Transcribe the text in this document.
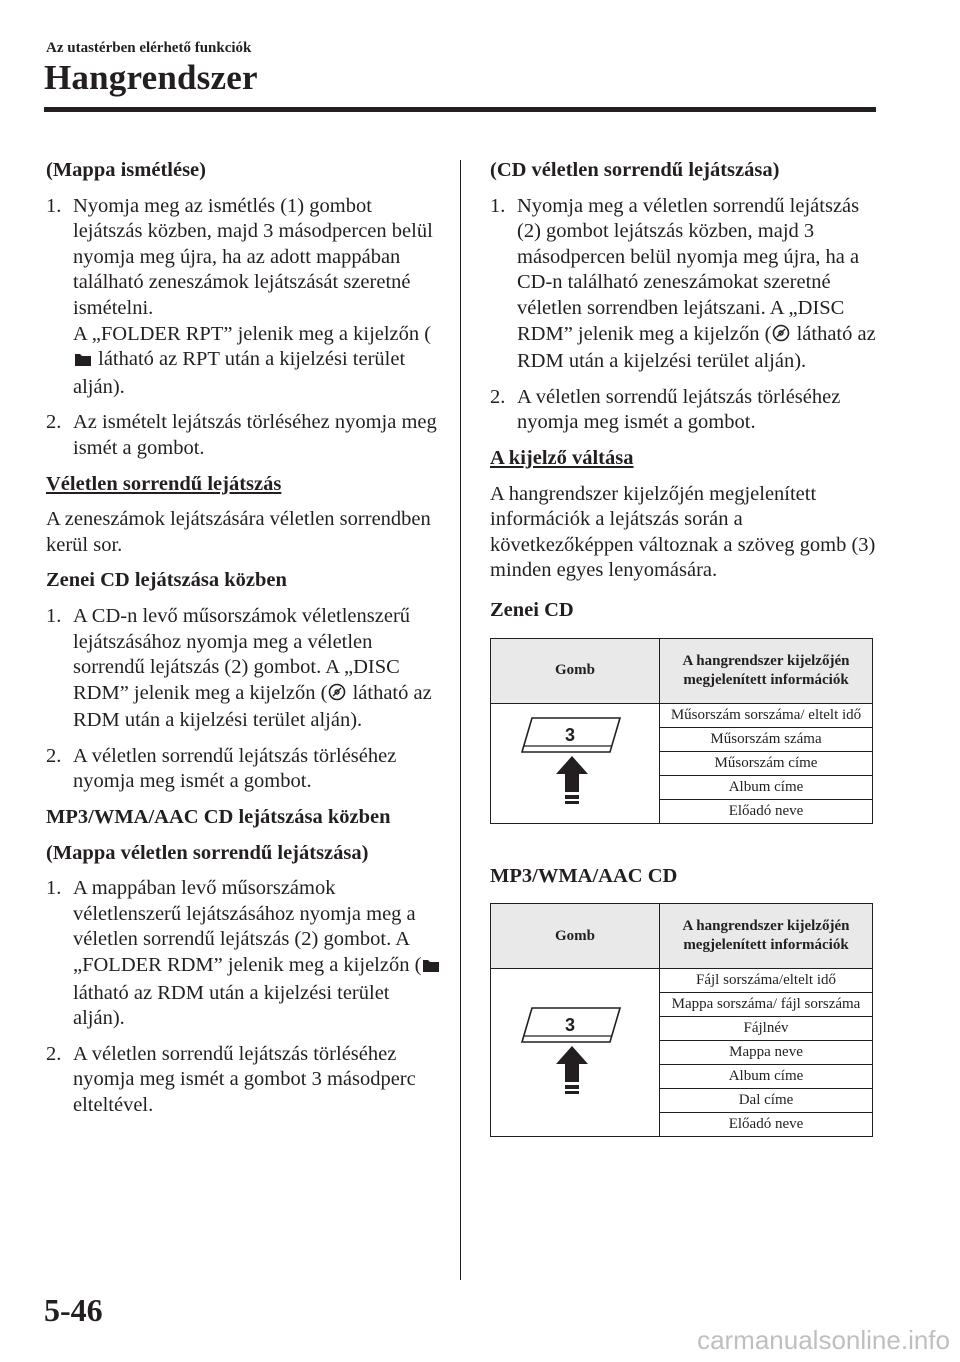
Az utastérben elérhető funkciók
Hangrendszer
(Mappa ismétlése)
1. Nyomja meg az ismétlés (1) gombot lejátszás közben, majd 3 másodpercen belül nyomja meg újra, ha az adott mappában található zeneszámok lejátszását szeretné ismételni.
A „FOLDER RPT” jelenik meg a kijelzőn ( látható az RPT után a kijelzési terület alján).
2. Az ismételt lejátszás törléséhez nyomja meg ismét a gombot.
Véletlen sorrendű lejátszás
A zeneszámok lejátszására véletlen sorrendben kerül sor.
Zenei CD lejátszása közben
1. A CD-n levő műsorszámok véletlenszerű lejátszásához nyomja meg a véletlen sorrendű lejátszás (2) gombot. A „DISC RDM” jelenik meg a kijelzőn ( látható az RDM után a kijelzési terület alján).
2. A véletlen sorrendű lejátszás törléséhez nyomja meg ismét a gombot.
MP3/WMA/AAC CD lejátszása közben
(Mappa véletlen sorrendű lejátszása)
1. A mappában levő műsorszámok véletlenszerű lejátszásához nyomja meg a véletlen sorrendű lejátszás (2) gombot. A „FOLDER RDM” jelenik meg a kijelzőn ( látható az RDM után a kijelzési terület alján).
2. A véletlen sorrendű lejátszás törléséhez nyomja meg ismét a gombot 3 másodperc elteltével.
(CD véletlen sorrendű lejátszása)
1. Nyomja meg a véletlen sorrendű lejátszás (2) gombot lejátszás közben, majd 3 másodpercen belül nyomja meg újra, ha a CD-n található zeneszámokat szeretné véletlen sorrendben lejátszani. A „DISC RDM” jelenik meg a kijelzőn ( látható az RDM után a kijelzési terület alján).
2. A véletlen sorrendű lejátszás törléséhez nyomja meg ismét a gombot.
A kijelző váltása
A hangrendszer kijelzőjén megjelenített információk a lejátszás során a következőképpen változnak a szöveg gomb (3) minden egyes lenyomására.
Zenei CD
Gomb	A hangrendszer kijelzőjén megjelenített információk

3	Műsorszám sorszáma/ eltelt idő
	Műsorszám száma
	Műsorszám címe
	Album címe
	Előadó neve
MP3/WMA/AAC CD
Gomb	A hangrendszer kijelzőjén megjelenített információk

3	Fájl sorszáma/eltelt idő
	Mappa sorszáma/ fájl sorszáma
	Fájlnév
	Mappa neve
	Album címe
	Dal címe
	Előadó neve
5-46
carmanualsonline.info
